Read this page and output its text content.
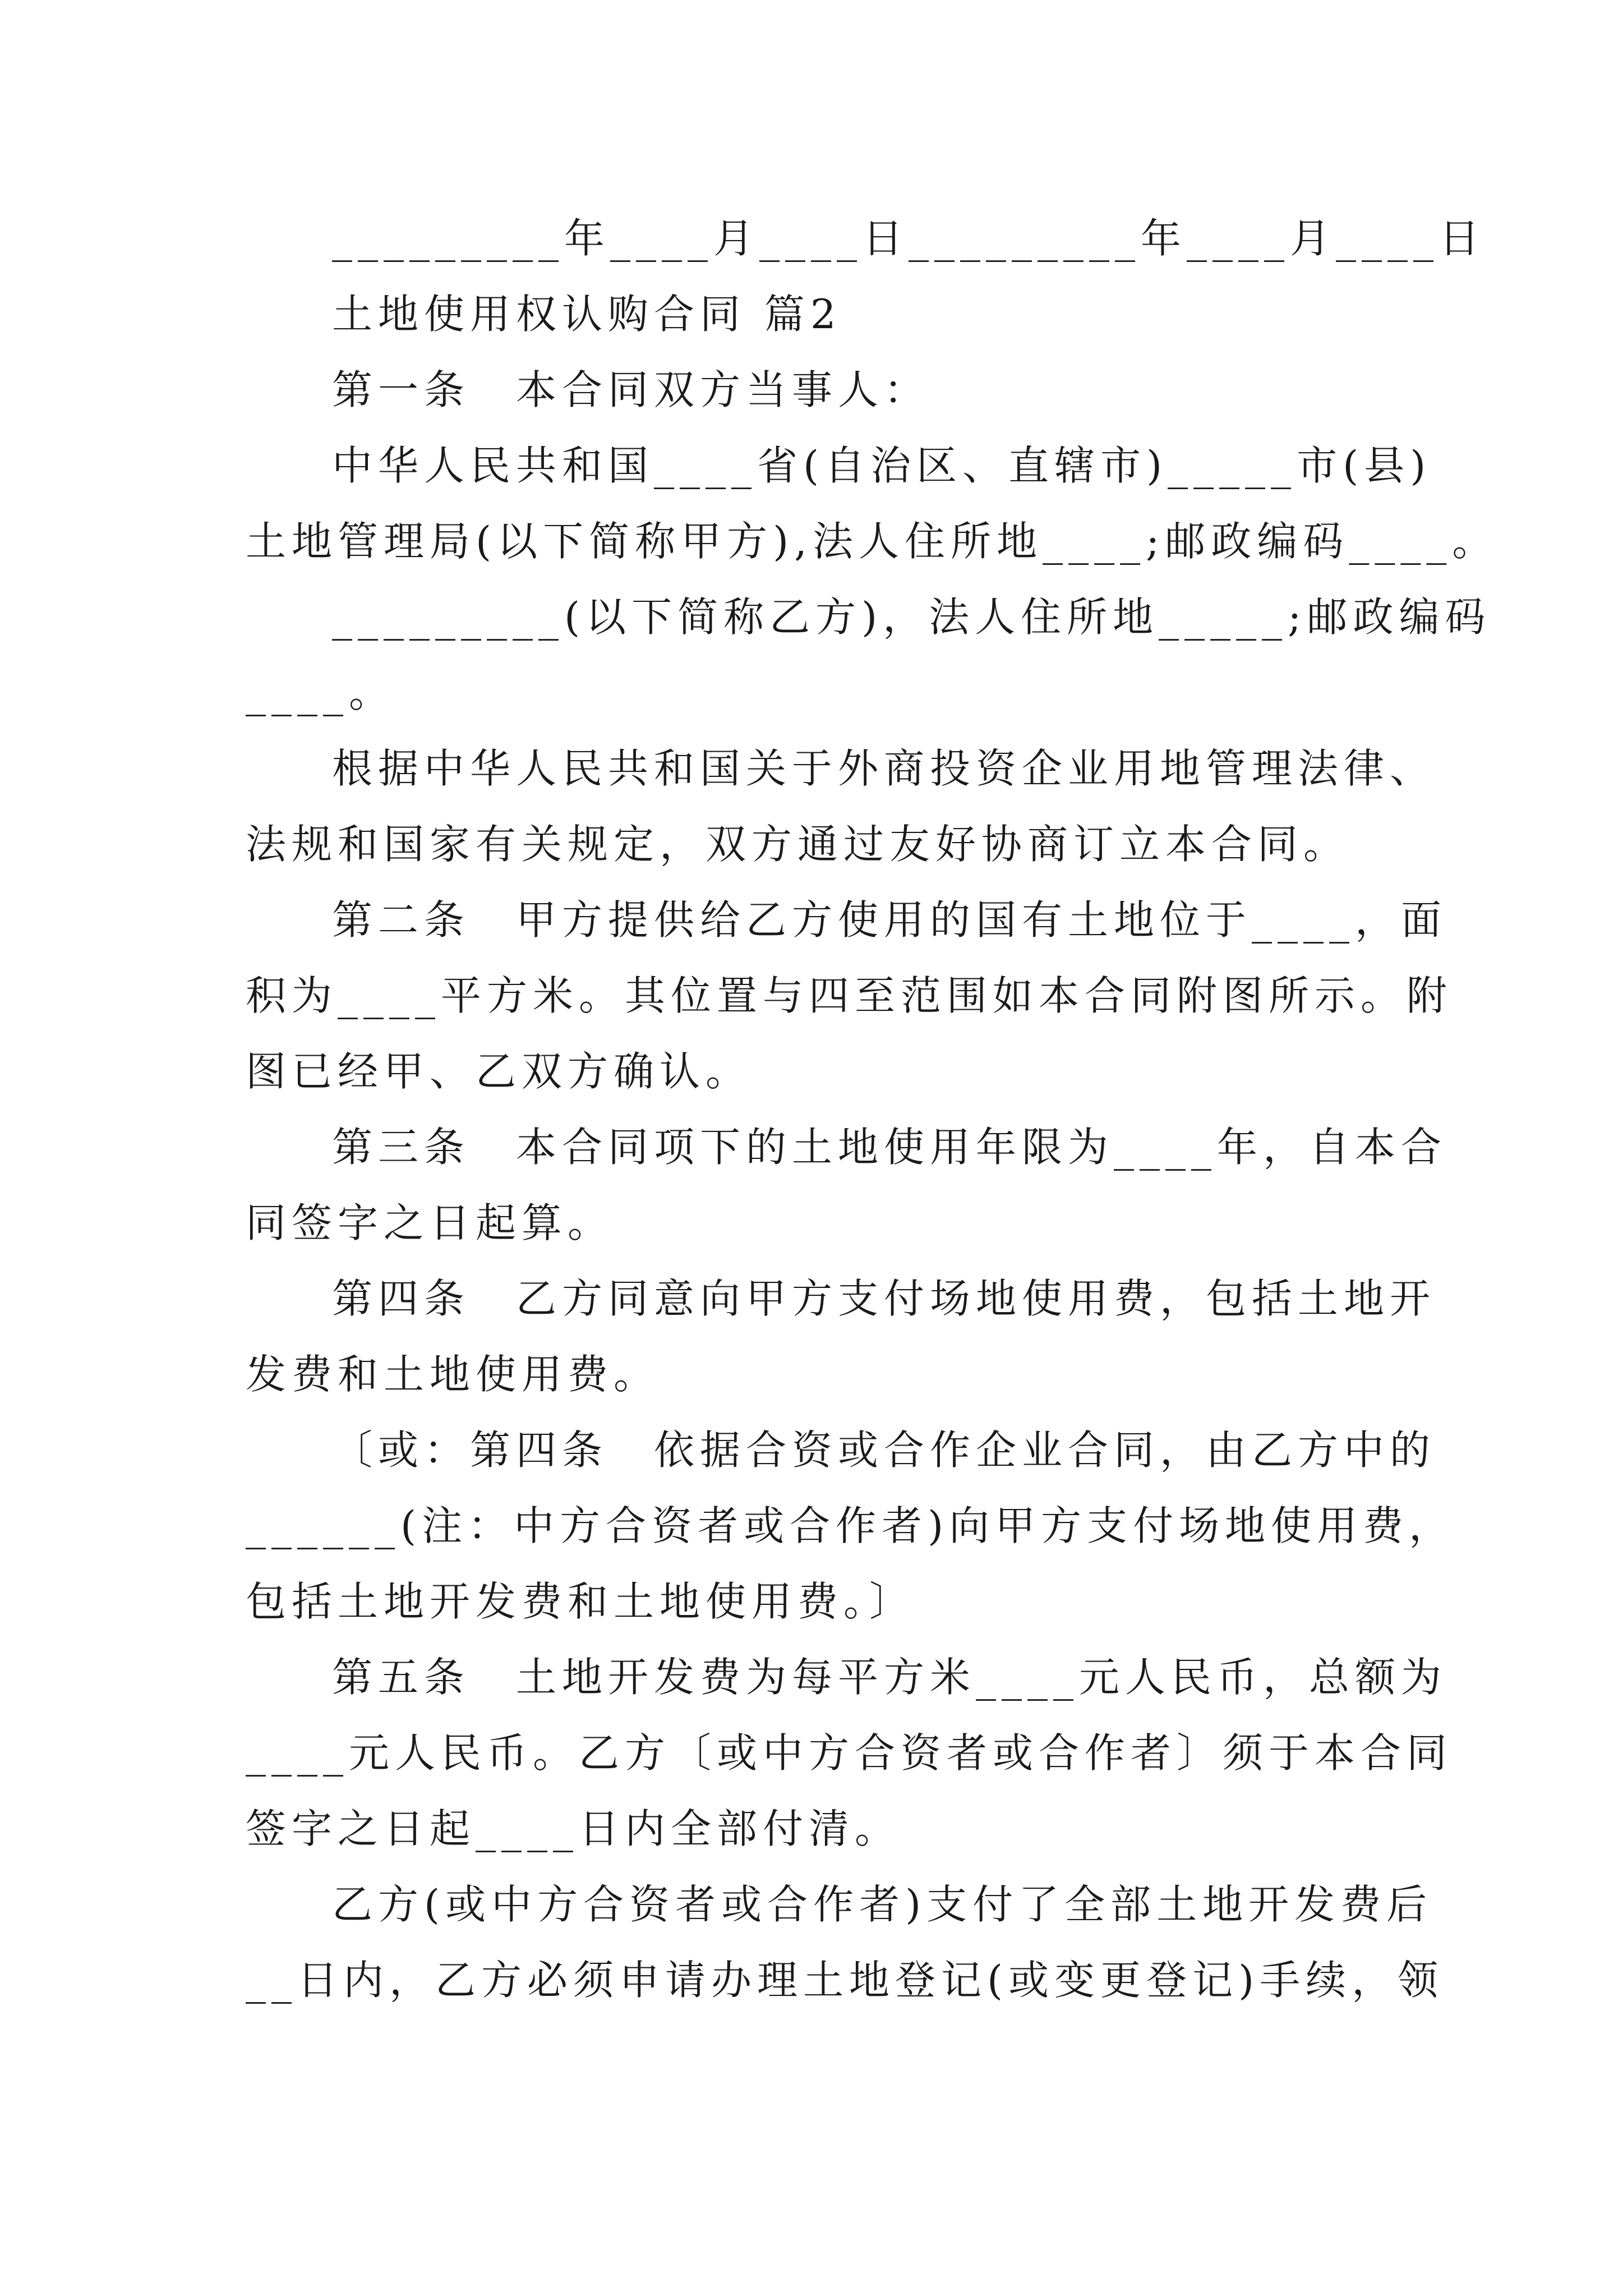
_________年____月____日_________年____月____日
土地使用权认购合同 篇2
第一条　本合同双方当事人：
中华人民共和国____省(自治区、直辖市)_____市(县)
土地管理局(以下简称甲方),法人住所地____;邮政编码____。
_________(以下简称乙方)，法人住所地_____;邮政编码
____。
根据中华人民共和国关于外商投资企业用地管理法律、
法规和国家有关规定，双方通过友好协商订立本合同。
第二条　甲方提供给乙方使用的国有土地位于____，面
积为____平方米。其位置与四至范围如本合同附图所示。附
图已经甲、乙双方确认。
第三条　本合同项下的土地使用年限为____年，自本合
同签字之日起算。
第四条　乙方同意向甲方支付场地使用费，包括土地开
发费和土地使用费。
〔或：第四条　依据合资或合作企业合同，由乙方中的
______(注：中方合资者或合作者)向甲方支付场地使用费，
包括土地开发费和土地使用费。〕
第五条　土地开发费为每平方米____元人民币，总额为
____元人民币。乙方〔或中方合资者或合作者〕须于本合同
签字之日起____日内全部付清。
乙方(或中方合资者或合作者)支付了全部土地开发费后
__日内，乙方必须申请办理土地登记(或变更登记)手续，领
